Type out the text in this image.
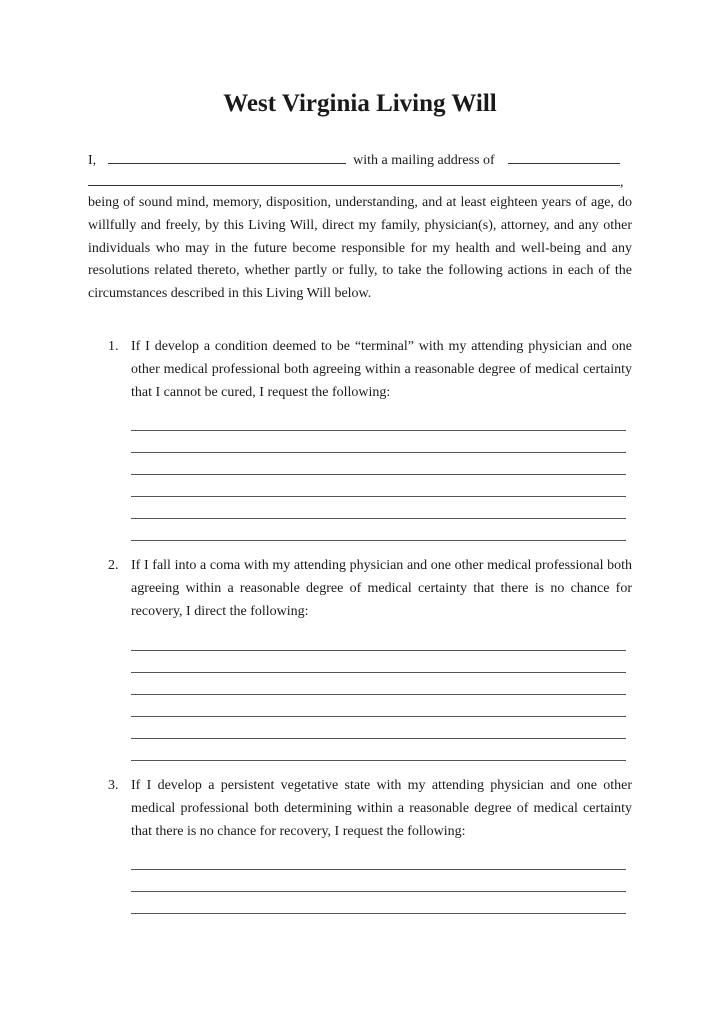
West Virginia Living Will
I,	with a mailing address of
,
being of sound mind, memory, disposition, understanding, and at least eighteen years of age, do willfully and freely, by this Living Will, direct my family, physician(s), attorney, and any other individuals who may in the future become responsible for my health and well-being and any resolutions related thereto, whether partly or fully, to take the following actions in each of the circumstances described in this Living Will below.
1. If I develop a condition deemed to be “terminal” with my attending physician and one other medical professional both agreeing within a reasonable degree of medical certainty that I cannot be cured, I request the following:
2. If I fall into a coma with my attending physician and one other medical professional both agreeing within a reasonable degree of medical certainty that there is no chance for recovery, I direct the following:
3. If I develop a persistent vegetative state with my attending physician and one other medical professional both determining within a reasonable degree of medical certainty that there is no chance for recovery, I request the following:
